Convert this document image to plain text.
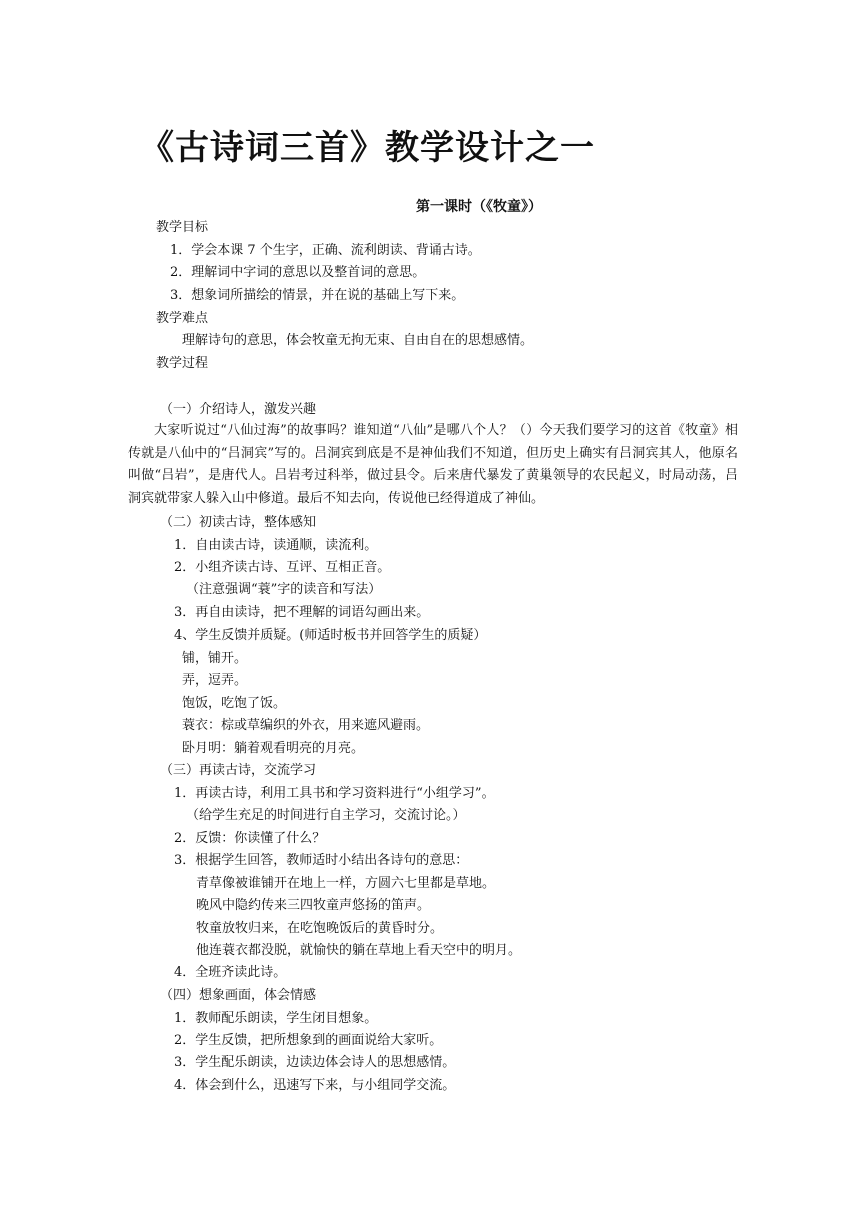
《古诗词三首》教学设计之一
第一课时（《牧童》）
教学目标
1．学会本课 7 个生字，正确、流利朗读、背诵古诗。
2．理解词中字词的意思以及整首词的意思。
3．想象词所描绘的情景，并在说的基础上写下来。
教学难点
理解诗句的意思，体会牧童无拘无束、自由自在的思想感情。
教学过程
（一）介绍诗人，激发兴趣
大家听说过“八仙过海”的故事吗？谁知道“八仙”是哪八个人？（）今天我们要学习的这首《牧童》相传就是八仙中的“吕洞宾”写的。吕洞宾到底是不是神仙我们不知道，但历史上确实有吕洞宾其人，他原名叫做“吕岩”，是唐代人。吕岩考过科举，做过县令。后来唐代暴发了黄巢领导的农民起义，时局动荡，吕洞宾就带家人躲入山中修道。最后不知去向，传说他已经得道成了神仙。
（二）初读古诗，整体感知
1．自由读古诗，读通顺，读流利。
2．小组齐读古诗、互评、互相正音。
（注意强调“蓑”字的读音和写法）
3．再自由读诗，把不理解的词语勾画出来。
4、学生反馈并质疑。(师适时板书并回答学生的质疑）
铺，铺开。
弄，逗弄。
饱饭，吃饱了饭。
蓑衣：棕或草编织的外衣，用来遮风避雨。
卧月明：躺着观看明亮的月亮。
（三）再读古诗，交流学习
1．再读古诗，利用工具书和学习资料进行“小组学习”。
（给学生充足的时间进行自主学习，交流讨论。）
2．反馈：你读懂了什么？
3．根据学生回答，教师适时小结出各诗句的意思：
青草像被谁铺开在地上一样，方圆六七里都是草地。
晚风中隐约传来三四牧童声悠扬的笛声。
牧童放牧归来，在吃饱晚饭后的黄昏时分。
他连蓑衣都没脱，就愉快的躺在草地上看天空中的明月。
4．全班齐读此诗。
（四）想象画面，体会情感
1．教师配乐朗读，学生闭目想象。
2．学生反馈，把所想象到的画面说给大家听。
3．学生配乐朗读，边读边体会诗人的思想感情。
4．体会到什么，迅速写下来，与小组同学交流。
